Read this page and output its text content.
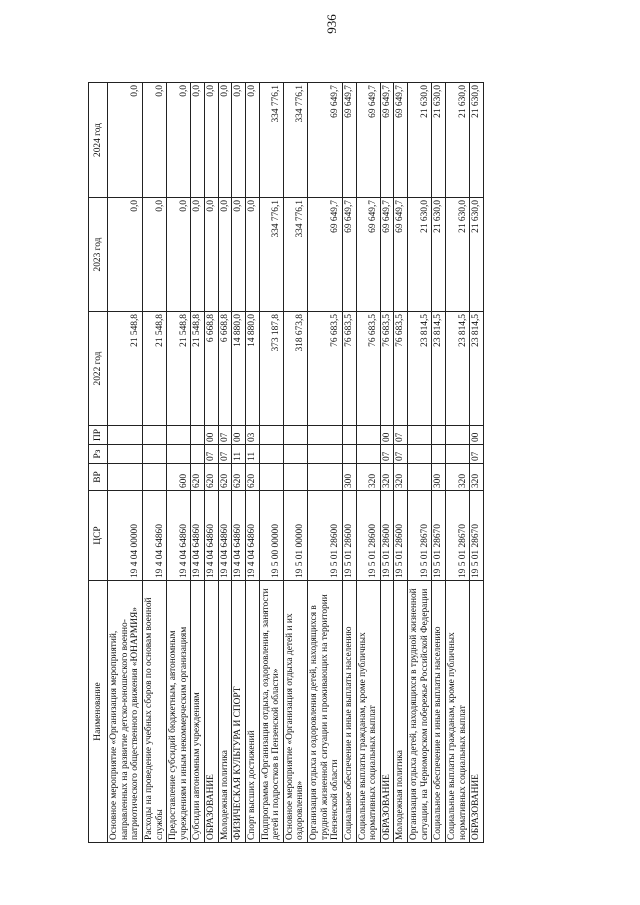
936
Наименование	ЦСР	ВР	Рз	ПР	2022 год	2023 год	2024 год
Основное мероприятие «Организация мероприятий, направленных на развитие детско-юношеского военно-патриотического общественного движения «ЮНАРМИЯ»	19 4 04 00000				21 548,8	0,0	0,0
Расходы на проведение учебных сборов по основам военной службы	19 4 04 64860				21 548,8	0,0	0,0
Предоставление субсидий бюджетным, автономным учреждениям и иным некоммерческим организациям	19 4 04 64860	600			21 548,8	0,0	0,0
Субсидии автономным учреждениям	19 4 04 64860	620			21 548,8	0,0	0,0
ОБРАЗОВАНИЕ	19 4 04 64860	620	07	00	6 668,8	0,0	0,0
Молодежная политика	19 4 04 64860	620	07	07	6 668,8	0,0	0,0
ФИЗИЧЕСКАЯ КУЛЬТУРА И СПОРТ	19 4 04 64860	620	11	00	14 880,0	0,0	0,0
Спорт высших достижений	19 4 04 64860	620	11	03	14 880,0	0,0	0,0
Подпрограмма «Организация отдыха, оздоровления, занятости детей и подростков в Пензенской области»	19 5 00 00000				373 187,8	334 776,1	334 776,1
Основное мероприятие «Организация отдыха детей и их оздоровления»	19 5 01 00000				318 673,8	334 776,1	334 776,1
Организация отдыха и оздоровления детей, находящихся в трудной жизненной ситуации и проживающих на территории Пензенской области	19 5 01 28600				76 683,5	69 649,7	69 649,7
Социальное обеспечение и иные выплаты населению	19 5 01 28600	300			76 683,5	69 649,7	69 649,7
Социальные выплаты гражданам, кроме публичных нормативных социальных выплат	19 5 01 28600	320			76 683,5	69 649,7	69 649,7
ОБРАЗОВАНИЕ	19 5 01 28600	320	07	00	76 683,5	69 649,7	69 649,7
Молодежная политика	19 5 01 28600	320	07	07	76 683,5	69 649,7	69 649,7
Организация отдыха детей, находящихся в трудной жизненной ситуации, на Черноморском побережье Российской Федерации	19 5 01 28670				23 814,5	21 630,0	21 630,0
Социальное обеспечение и иные выплаты населению	19 5 01 28670	300			23 814,5	21 630,0	21 630,0
Социальные выплаты гражданам, кроме публичных нормативных социальных выплат	19 5 01 28670	320			23 814,5	21 630,0	21 630,0
ОБРАЗОВАНИЕ	19 5 01 28670	320	07	00	23 814,5	21 630,0	21 630,0
